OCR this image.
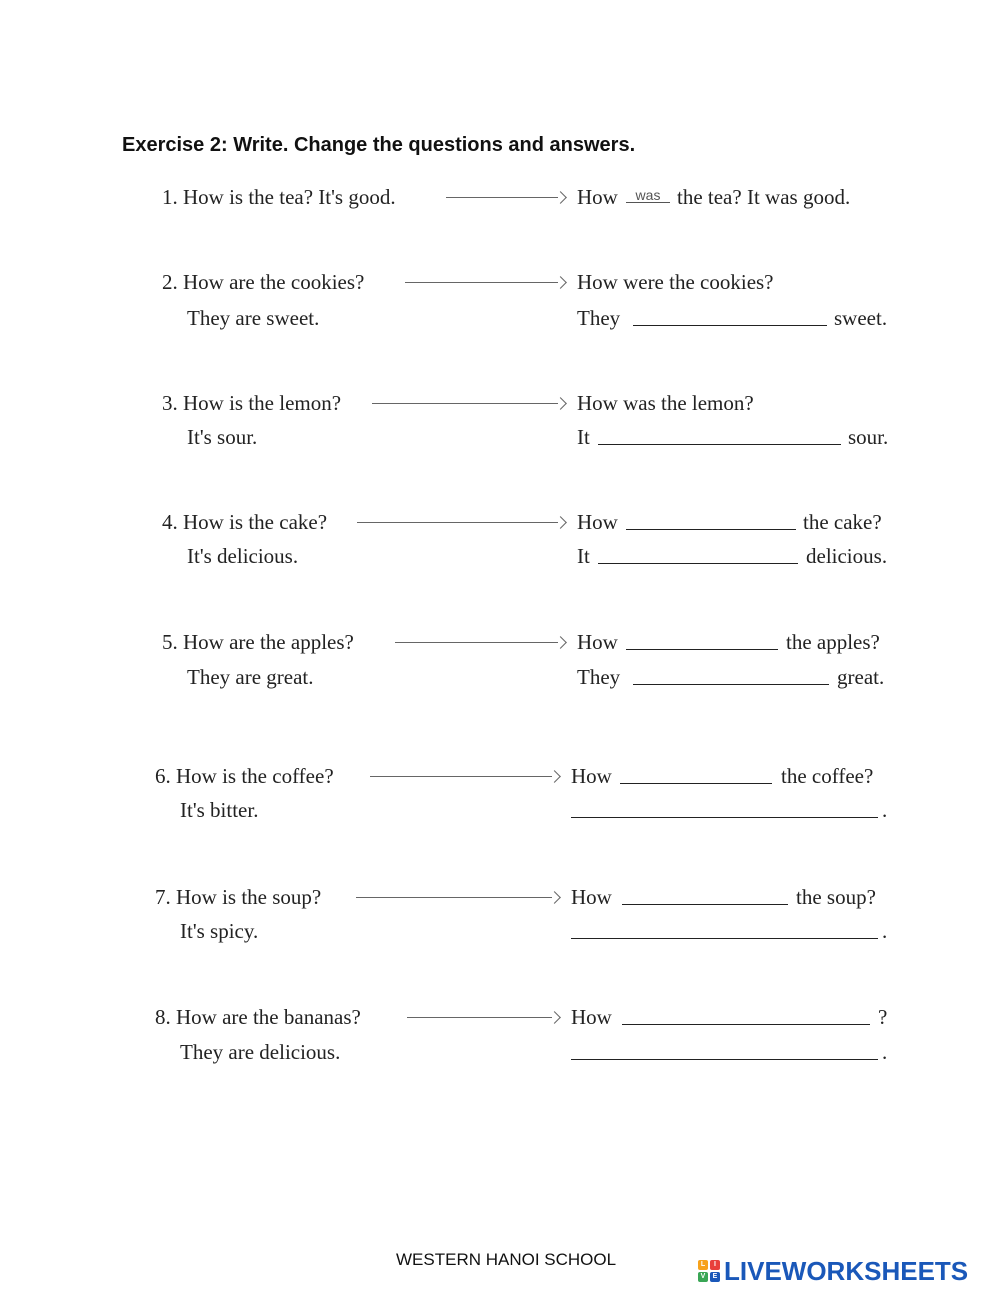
Exercise 2: Write. Change the questions and answers.
1. How is the tea? It's good.	How	was the tea? It was good.
2. How are the cookies?
They are sweet.
How were the cookies?
They	sweet.
3. How is the lemon?
It's sour.
How was the lemon?
It	sour.
4. How is the cake?
It's delicious.
How	the cake?
It	delicious.
5. How are the apples?
They are great.
How	the apples?
They	great.
6. How is the coffee?
It's bitter.
How	the coffee?
.
7. How is the soup?
It's spicy.
How	the soup?
.
8. How are the bananas?
They are delicious.
How	?
.
WESTERN HANOI SCHOOL	L	I
V	E LIVEWORKSHEETS
